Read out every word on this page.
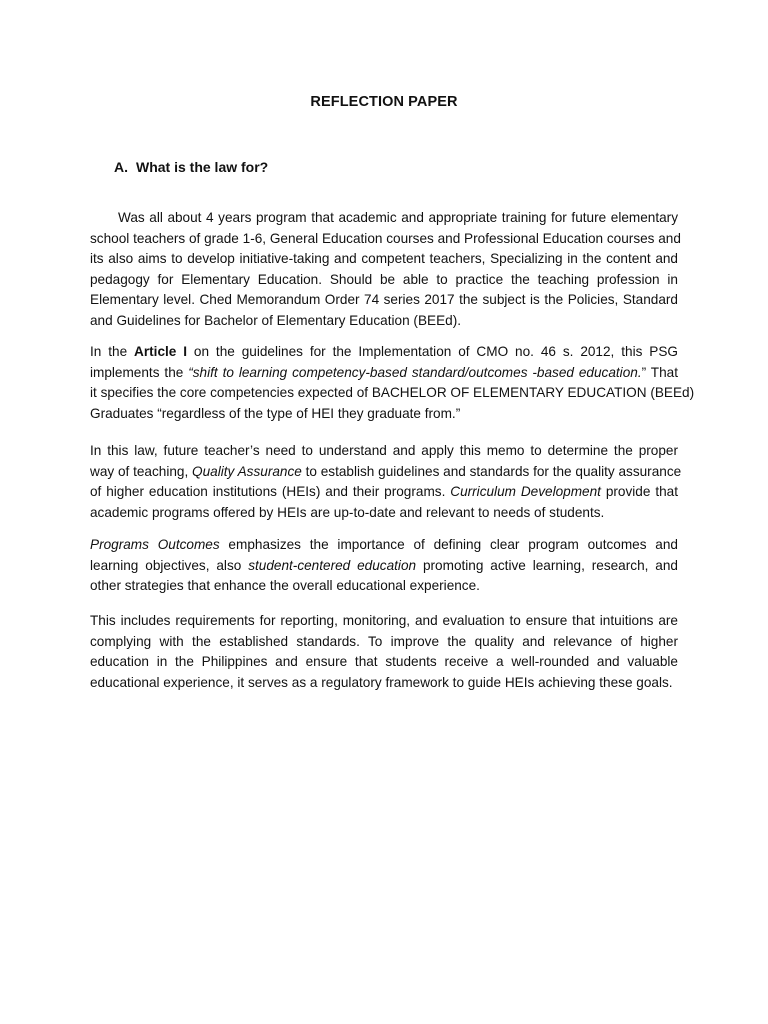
REFLECTION PAPER
A. What is the law for?
Was all about 4 years program that academic and appropriate training for future elementary
school teachers of grade 1-6, General Education courses and Professional Education courses and
its also aims to develop initiative-taking and competent teachers, Specializing in the content and
pedagogy for Elementary Education. Should be able to practice the teaching profession in
Elementary level. Ched Memorandum Order 74 series 2017 the subject is the Policies, Standard
and Guidelines for Bachelor of Elementary Education (BEEd).
In the Article I on the guidelines for the Implementation of CMO no. 46 s. 2012, this PSG
implements the “shift to learning competency-based standard/outcomes -based education.” That
it specifies the core competencies expected of BACHELOR OF ELEMENTARY EDUCATION (BEEd)
Graduates “regardless of the type of HEI they graduate from.”
In this law, future teacher’s need to understand and apply this memo to determine the proper
way of teaching, Quality Assurance to establish guidelines and standards for the quality assurance
of higher education institutions (HEIs) and their programs. Curriculum Development provide that
academic programs offered by HEIs are up-to-date and relevant to needs of students.
Programs Outcomes emphasizes the importance of defining clear program outcomes and
learning objectives, also student-centered education promoting active learning, research, and
other strategies that enhance the overall educational experience.
This includes requirements for reporting, monitoring, and evaluation to ensure that intuitions are
complying with the established standards. To improve the quality and relevance of higher
education in the Philippines and ensure that students receive a well-rounded and valuable
educational experience, it serves as a regulatory framework to guide HEIs achieving these goals.
